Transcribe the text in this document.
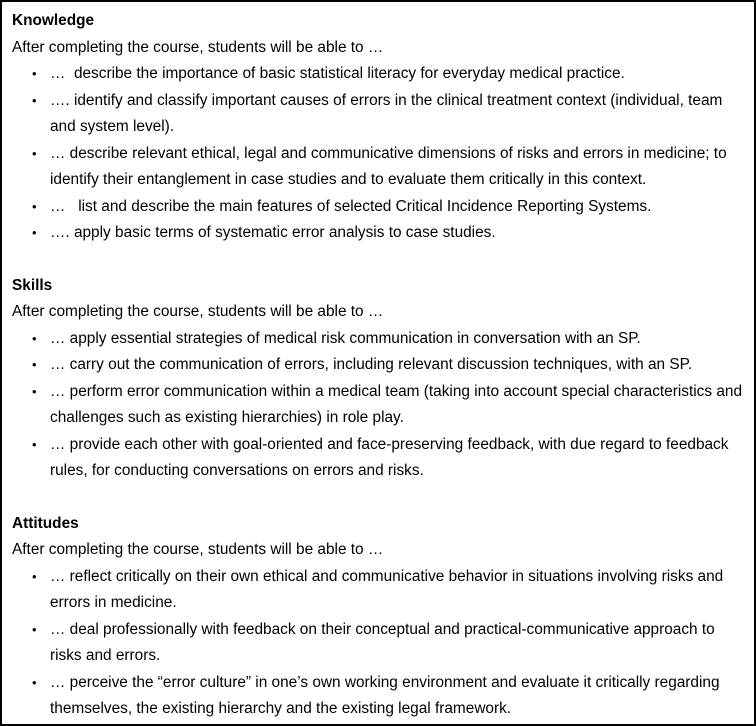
Knowledge
After completing the course, students will be able to …
• …  describe the importance of basic statistical literacy for everyday medical practice.
• …. identify and classify important causes of errors in the clinical treatment context (individual, team and system level).
• … describe relevant ethical, legal and communicative dimensions of risks and errors in medicine; to identify their entanglement in case studies and to evaluate them critically in this context.
• …   list and describe the main features of selected Critical Incidence Reporting Systems.
• …. apply basic terms of systematic error analysis to case studies.
Skills
After completing the course, students will be able to …
• … apply essential strategies of medical risk communication in conversation with an SP.
• … carry out the communication of errors, including relevant discussion techniques, with an SP.
• … perform error communication within a medical team (taking into account special characteristics and challenges such as existing hierarchies) in role play.
• … provide each other with goal-oriented and face-preserving feedback, with due regard to feedback rules, for conducting conversations on errors and risks.
Attitudes
After completing the course, students will be able to …
• … reflect critically on their own ethical and communicative behavior in situations involving risks and errors in medicine.
• … deal professionally with feedback on their conceptual and practical-communicative approach to risks and errors.
• … perceive the “error culture” in one’s own working environment and evaluate it critically regarding themselves, the existing hierarchy and the existing legal framework.
